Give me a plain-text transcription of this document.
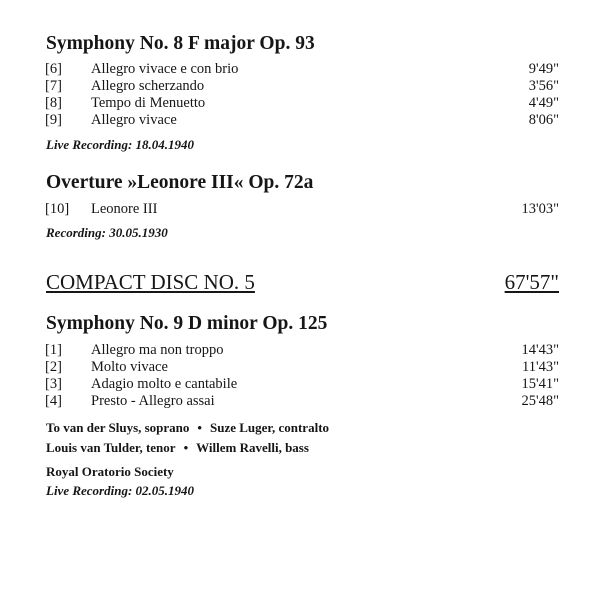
Symphony No. 8 F major Op. 93
[6] Allegro vivace e con brio	9'49"
[7] Allegro scherzando	3'56"
[8] Tempo di Menuetto	4'49"
[9] Allegro vivace	8'06"
Live Recording: 18.04.1940
Overture »Leonore III« Op. 72a
[10] Leonore III	13'03"
Recording: 30.05.1930
COMPACT DISC NO. 5	67'57"
Symphony No. 9 D minor Op. 125
[1] Allegro ma non troppo	14'43"
[2] Molto vivace	11'43"
[3] Adagio molto e cantabile	15'41"
[4] Presto - Allegro assai	25'48"
To van der Sluys, soprano • Suze Luger, contralto
Louis van Tulder, tenor • Willem Ravelli, bass
Royal Oratorio Society
Live Recording: 02.05.1940
